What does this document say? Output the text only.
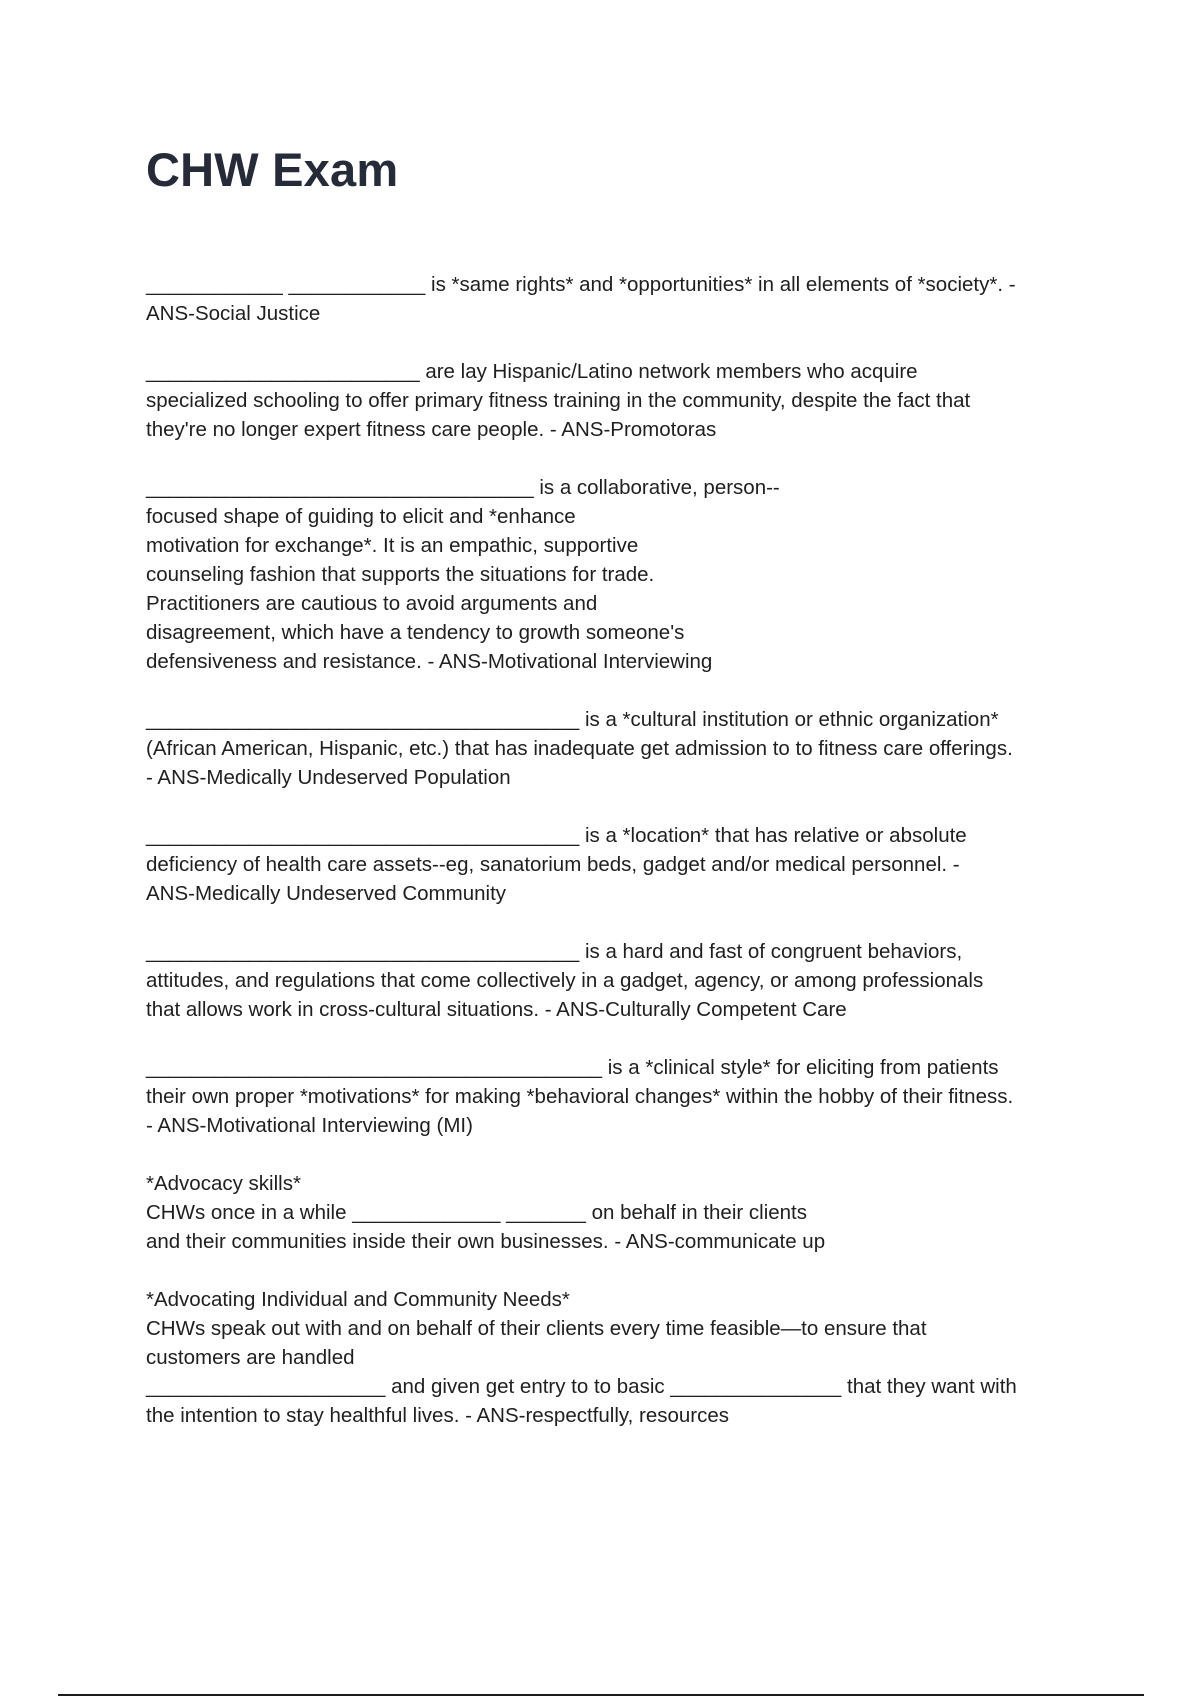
CHW Exam

____________ ____________ is *same rights* and *opportunities* in all elements of *society*. -
ANS-Social Justice

________________________ are lay Hispanic/Latino network members who acquire
specialized schooling to offer primary fitness training in the community, despite the fact that
they're no longer expert fitness care people. - ANS-Promotoras

__________________________________ is a collaborative, person--
focused shape of guiding to elicit and *enhance
motivation for exchange*. It is an empathic, supportive
counseling fashion that supports the situations for trade.
Practitioners are cautious to avoid arguments and
disagreement, which have a tendency to growth someone's
defensiveness and resistance. - ANS-Motivational Interviewing

______________________________________ is a *cultural institution or ethnic organization*
(African American, Hispanic, etc.) that has inadequate get admission to to fitness care offerings.
- ANS-Medically Undeserved Population

______________________________________ is a *location* that has relative or absolute
deficiency of health care assets--eg, sanatorium beds, gadget and/or medical personnel. -
ANS-Medically Undeserved Community

______________________________________ is a hard and fast of congruent behaviors,
attitudes, and regulations that come collectively in a gadget, agency, or among professionals
that allows work in cross-cultural situations. - ANS-Culturally Competent Care

________________________________________ is a *clinical style* for eliciting from patients
their own proper *motivations* for making *behavioral changes* within the hobby of their fitness.
- ANS-Motivational Interviewing (MI)

*Advocacy skills*
CHWs once in a while _____________ _______ on behalf in their clients
and their communities inside their own businesses. - ANS-communicate up

*Advocating Individual and Community Needs*
CHWs speak out with and on behalf of their clients every time feasible—to ensure that
customers are handled
_____________________ and given get entry to to basic _______________ that they want with
the intention to stay healthful lives. - ANS-respectfully, resources
